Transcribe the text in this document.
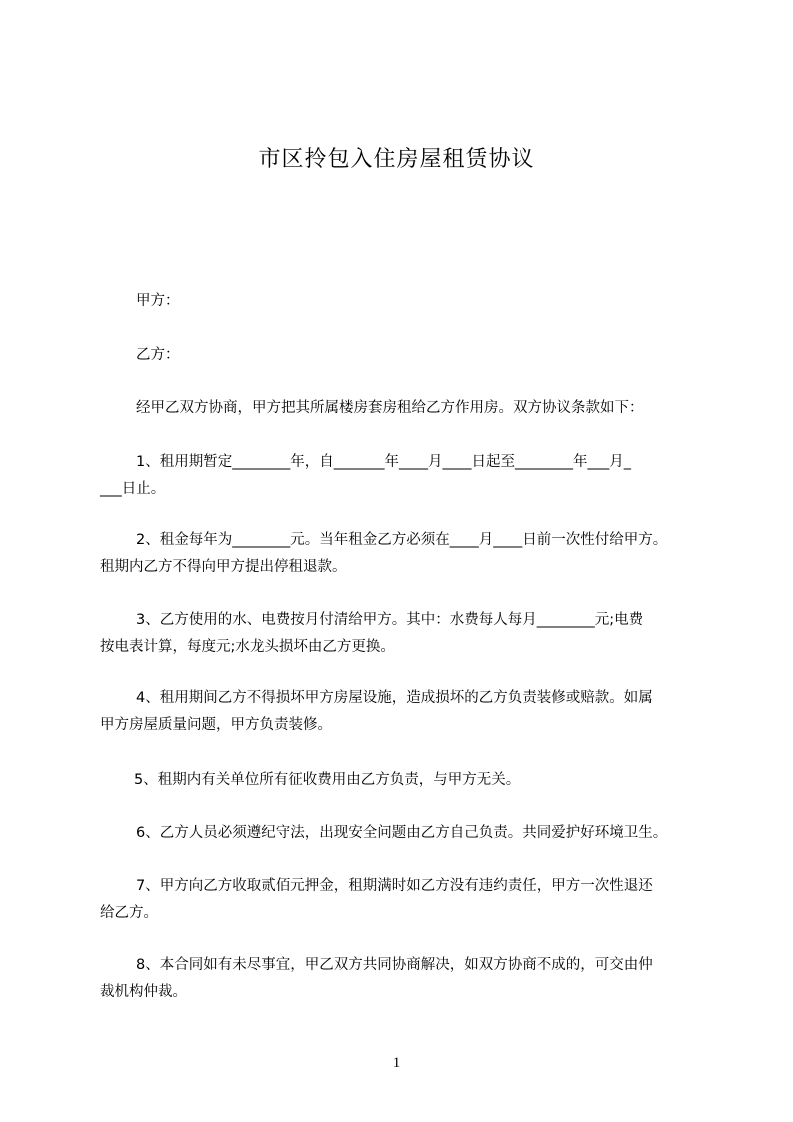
市区拎包入住房屋租赁协议
甲方：
乙方：
经甲乙双方协商，甲方把其所属楼房套房租给乙方作用房。双方协议条款如下：
1、租用期暂定________年，自_______年____月____日起至________年___月_
___日止。
2、租金每年为________元。当年租金乙方必须在____月____日前一次性付给甲方。
租期内乙方不得向甲方提出停租退款。
3、乙方使用的水、电费按月付清给甲方。其中：水费每人每月________元;电费
按电表计算，每度元;水龙头损坏由乙方更换。
4、租用期间乙方不得损坏甲方房屋设施，造成损坏的乙方负责装修或赔款。如属
甲方房屋质量问题，甲方负责装修。
5、租期内有关单位所有征收费用由乙方负责，与甲方无关。
6、乙方人员必须遵纪守法，出现安全问题由乙方自己负责。共同爱护好环境卫生。
7、甲方向乙方收取贰佰元押金，租期满时如乙方没有违约责任，甲方一次性退还
给乙方。
8、本合同如有未尽事宜，甲乙双方共同协商解决，如双方协商不成的，可交由仲
裁机构仲裁。
1
